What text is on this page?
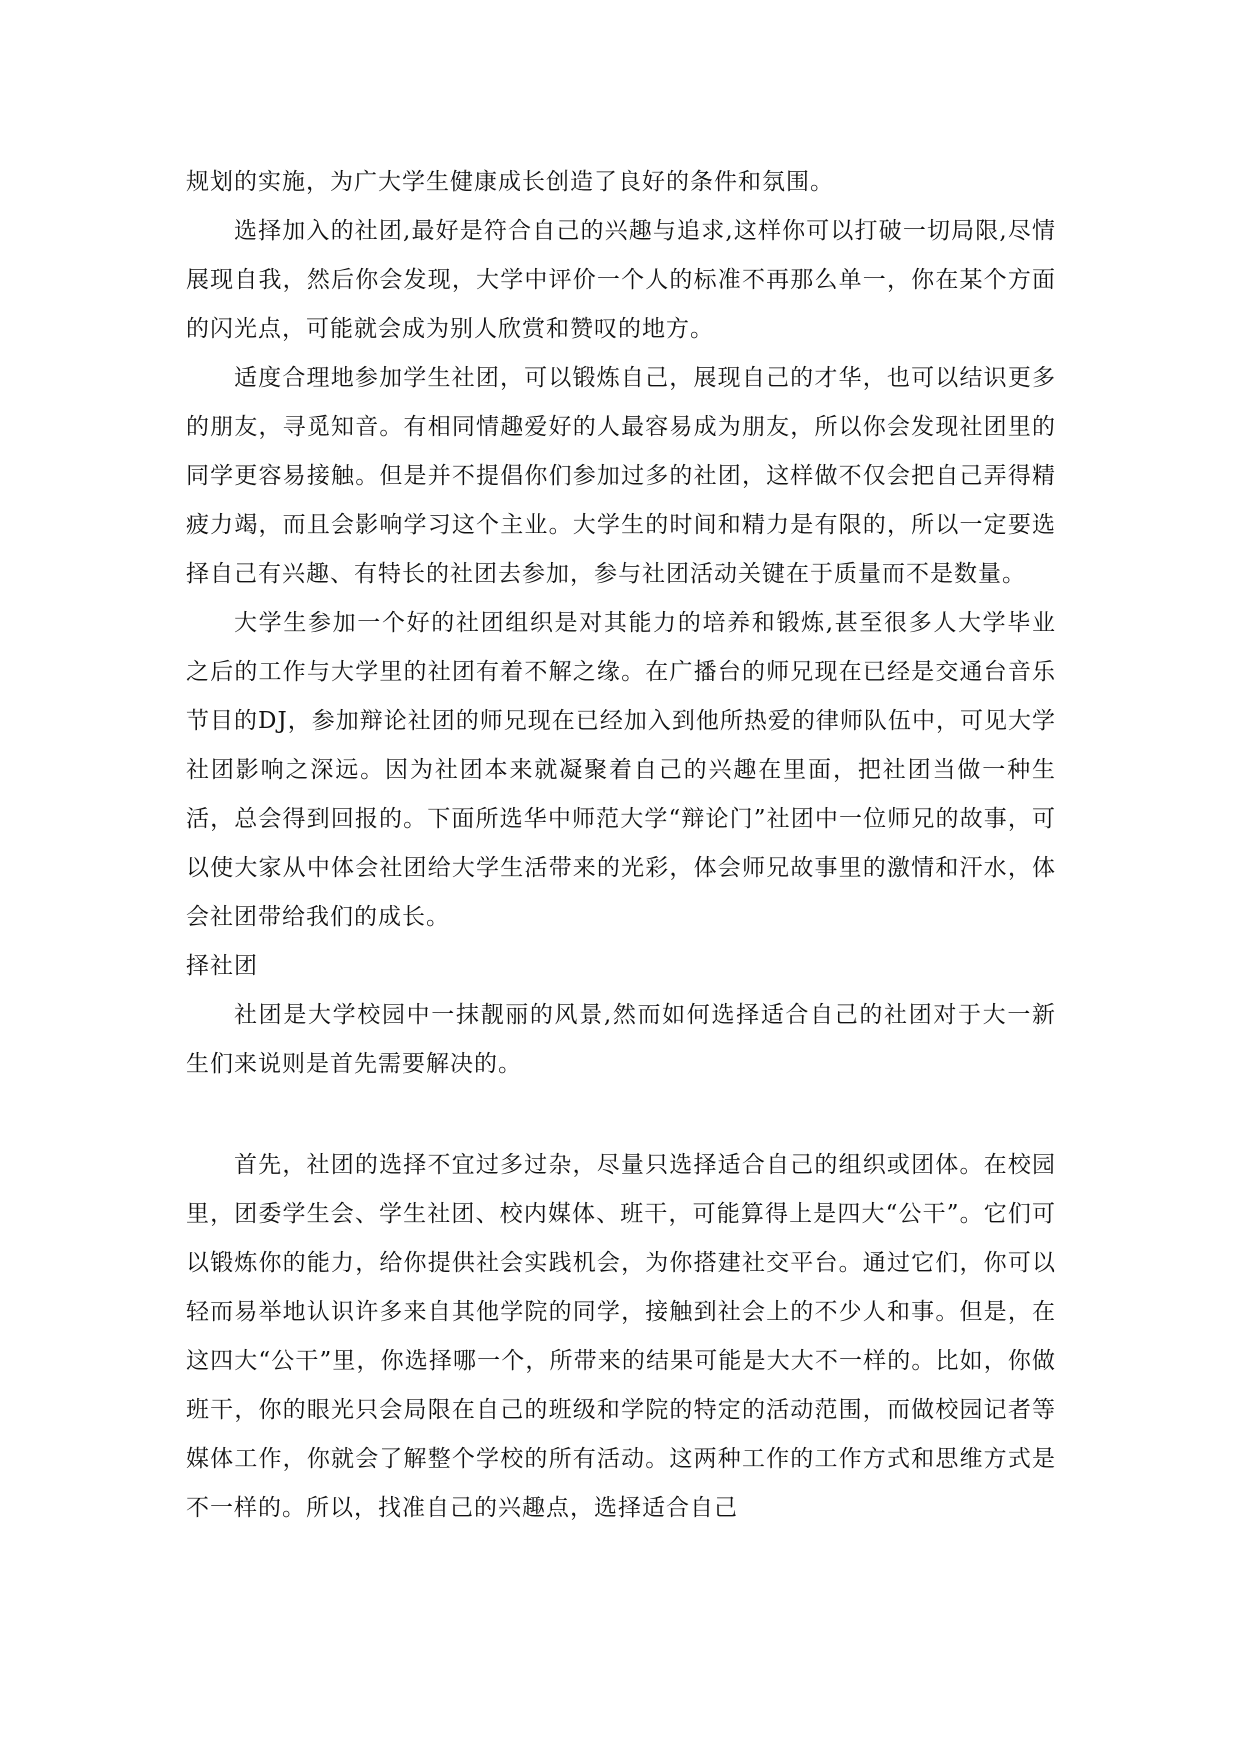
规划的实施，为广大学生健康成长创造了良好的条件和氛围。

选择加入的社团,最好是符合自己的兴趣与追求,这样你可以打破一切局限,尽情展现自我，然后你会发现，大学中评价一个人的标准不再那么单一，你在某个方面的闪光点，可能就会成为别人欣赏和赞叹的地方。

适度合理地参加学生社团，可以锻炼自己，展现自己的才华，也可以结识更多的朋友，寻觅知音。有相同情趣爱好的人最容易成为朋友，所以你会发现社团里的同学更容易接触。但是并不提倡你们参加过多的社团，这样做不仅会把自己弄得精疲力竭，而且会影响学习这个主业。大学生的时间和精力是有限的，所以一定要选择自己有兴趣、有特长的社团去参加，参与社团活动关键在于质量而不是数量。

大学生参加一个好的社团组织是对其能力的培养和锻炼,甚至很多人大学毕业之后的工作与大学里的社团有着不解之缘。在广播台的师兄现在已经是交通台音乐节目的DJ，参加辩论社团的师兄现在已经加入到他所热爱的律师队伍中，可见大学社团影响之深远。因为社团本来就凝聚着自己的兴趣在里面，把社团当做一种生活，总会得到回报的。下面所选华中师范大学“辩论门”社团中一位师兄的故事，可以使大家从中体会社团给大学生活带来的光彩，体会师兄故事里的激情和汗水，体会社团带给我们的成长。

择社团

社团是大学校园中一抹靓丽的风景,然而如何选择适合自己的社团对于大一新生们来说则是首先需要解决的。

首先，社团的选择不宜过多过杂，尽量只选择适合自己的组织或团体。在校园里，团委学生会、学生社团、校内媒体、班干，可能算得上是四大“公干”。它们可以锻炼你的能力，给你提供社会实践机会，为你搭建社交平台。通过它们，你可以轻而易举地认识许多来自其他学院的同学，接触到社会上的不少人和事。但是，在这四大“公干”里，你选择哪一个，所带来的结果可能是大大不一样的。比如，你做班干，你的眼光只会局限在自己的班级和学院的特定的活动范围，而做校园记者等媒体工作，你就会了解整个学校的所有活动。这两种工作的工作方式和思维方式是不一样的。所以，找准自己的兴趣点，选择适合自己
